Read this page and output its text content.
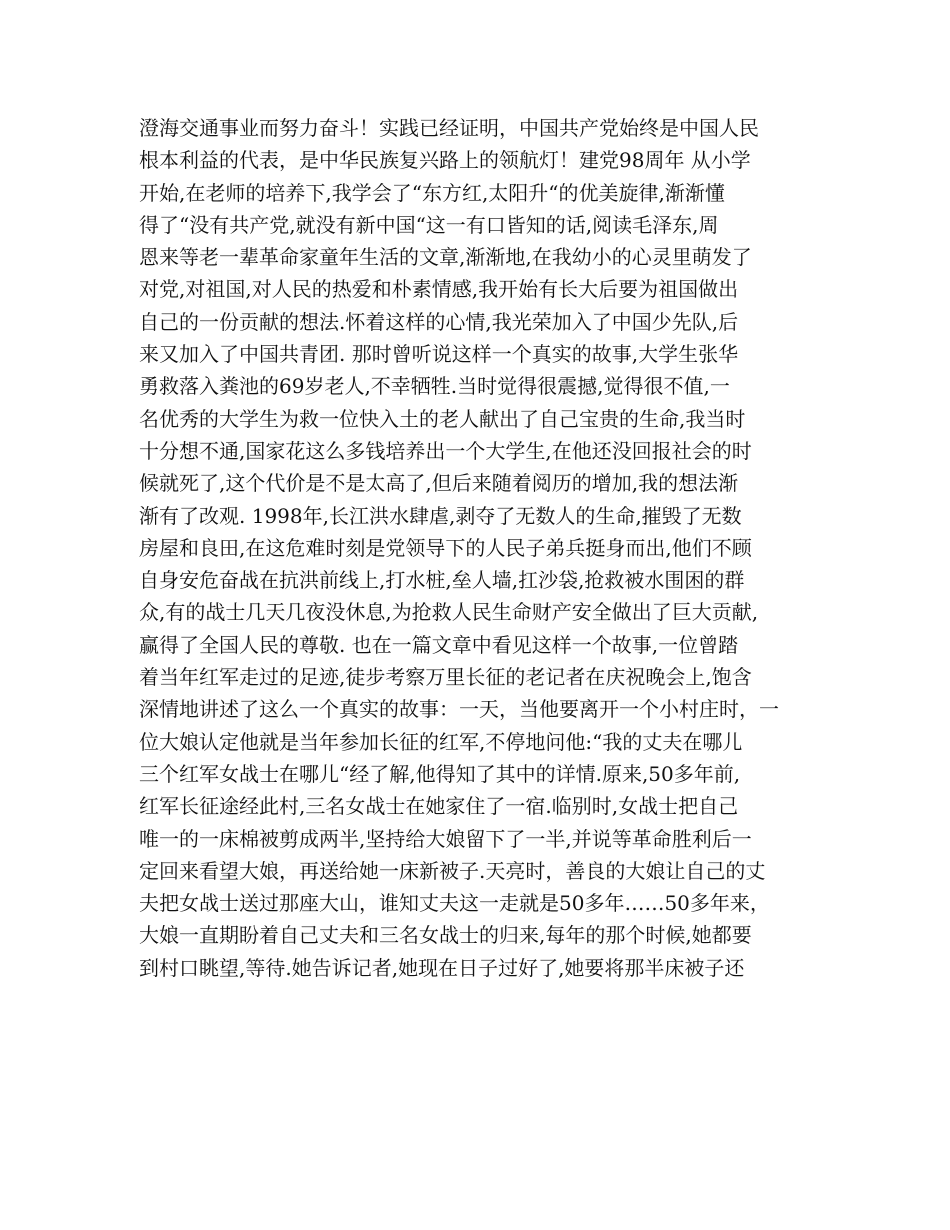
澄海交通事业而努力奋斗！实践已经证明，中国共产党始终是中国人民
根本利益的代表，是中华民族复兴路上的领航灯！建党98周年 从小学
开始,在老师的培养下,我学会了“东方红,太阳升“的优美旋律,渐渐懂
得了“没有共产党,就没有新中国“这一有口皆知的话,阅读毛泽东,周
恩来等老一辈革命家童年生活的文章,渐渐地,在我幼小的心灵里萌发了
对党,对祖国,对人民的热爱和朴素情感,我开始有长大后要为祖国做出
自己的一份贡献的想法.怀着这样的心情,我光荣加入了中国少先队,后
来又加入了中国共青团. 那时曾听说这样一个真实的故事,大学生张华
勇救落入粪池的69岁老人,不幸牺牲.当时觉得很震撼,觉得很不值,一
名优秀的大学生为救一位快入土的老人献出了自己宝贵的生命,我当时
十分想不通,国家花这么多钱培养出一个大学生,在他还没回报社会的时
候就死了,这个代价是不是太高了,但后来随着阅历的增加,我的想法渐
渐有了改观. 1998年,长江洪水肆虐,剥夺了无数人的生命,摧毁了无数
房屋和良田,在这危难时刻是党领导下的人民子弟兵挺身而出,他们不顾
自身安危奋战在抗洪前线上,打水桩,垒人墙,扛沙袋,抢救被水围困的群
众,有的战士几天几夜没休息,为抢救人民生命财产安全做出了巨大贡献,
赢得了全国人民的尊敬. 也在一篇文章中看见这样一个故事,一位曾踏
着当年红军走过的足迹,徒步考察万里长征的老记者在庆祝晚会上,饱含
深情地讲述了这么一个真实的故事：一天，当他要离开一个小村庄时，一
位大娘认定他就是当年参加长征的红军,不停地问他:“我的丈夫在哪儿
三个红军女战士在哪儿“经了解,他得知了其中的详情.原来,50多年前,
红军长征途经此村,三名女战士在她家住了一宿.临别时,女战士把自己
唯一的一床棉被剪成两半,坚持给大娘留下了一半,并说等革命胜利后一
定回来看望大娘，再送给她一床新被子.天亮时，善良的大娘让自己的丈
夫把女战士送过那座大山，谁知丈夫这一走就是50多年……50多年来，
大娘一直期盼着自己丈夫和三名女战士的归来,每年的那个时候,她都要
到村口眺望,等待.她告诉记者,她现在日子过好了,她要将那半床被子还
